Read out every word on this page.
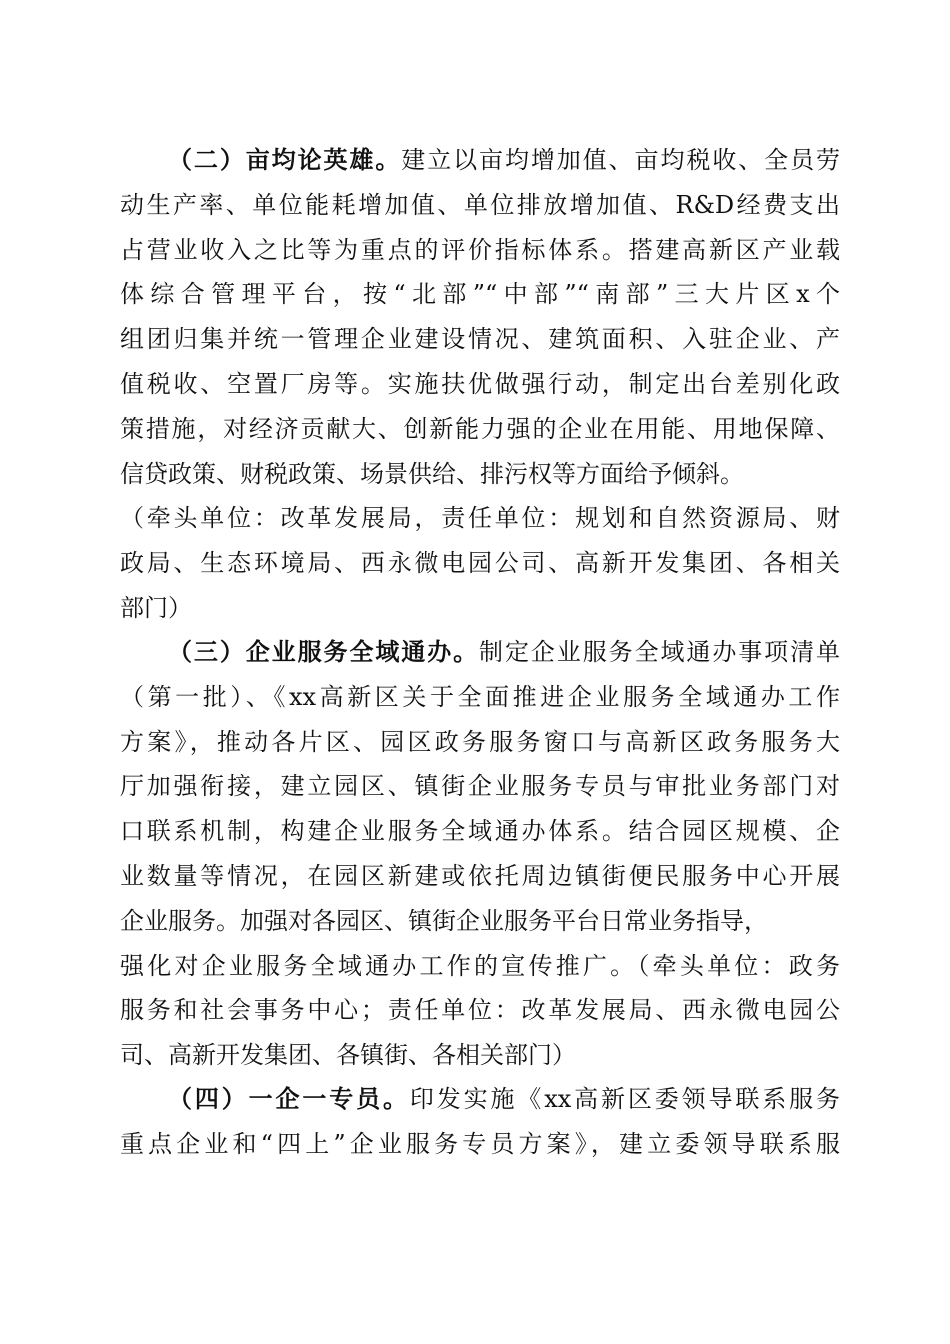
（二）亩均论英雄。建立以亩均增加值、亩均税收、全员劳
动生产率、单位能耗增加值、单位排放增加值、R&D经费支出
占营业收入之比等为重点的评价指标体系。搭建高新区产业载
体综合管理平台，按“北部”“中部”“南部”三大片区x个
组团归集并统一管理企业建设情况、建筑面积、入驻企业、产
值税收、空置厂房等。实施扶优做强行动，制定出台差别化政
策措施，对经济贡献大、创新能力强的企业在用能、用地保障、
信贷政策、财税政策、场景供给、排污权等方面给予倾斜。
（牵头单位：改革发展局，责任单位：规划和自然资源局、财
政局、生态环境局、西永微电园公司、高新开发集团、各相关
部门）
（三）企业服务全域通办。制定企业服务全域通办事项清单
（第一批）、《xx高新区关于全面推进企业服务全域通办工作
方案》，推动各片区、园区政务服务窗口与高新区政务服务大
厅加强衔接，建立园区、镇街企业服务专员与审批业务部门对
口联系机制，构建企业服务全域通办体系。结合园区规模、企
业数量等情况，在园区新建或依托周边镇街便民服务中心开展
企业服务。加强对各园区、镇街企业服务平台日常业务指导，
强化对企业服务全域通办工作的宣传推广。（牵头单位：政务
服务和社会事务中心；责任单位：改革发展局、西永微电园公
司、高新开发集团、各镇街、各相关部门）
（四）一企一专员。印发实施《xx高新区委领导联系服务
重点企业和“四上”企业服务专员方案》，建立委领导联系服
